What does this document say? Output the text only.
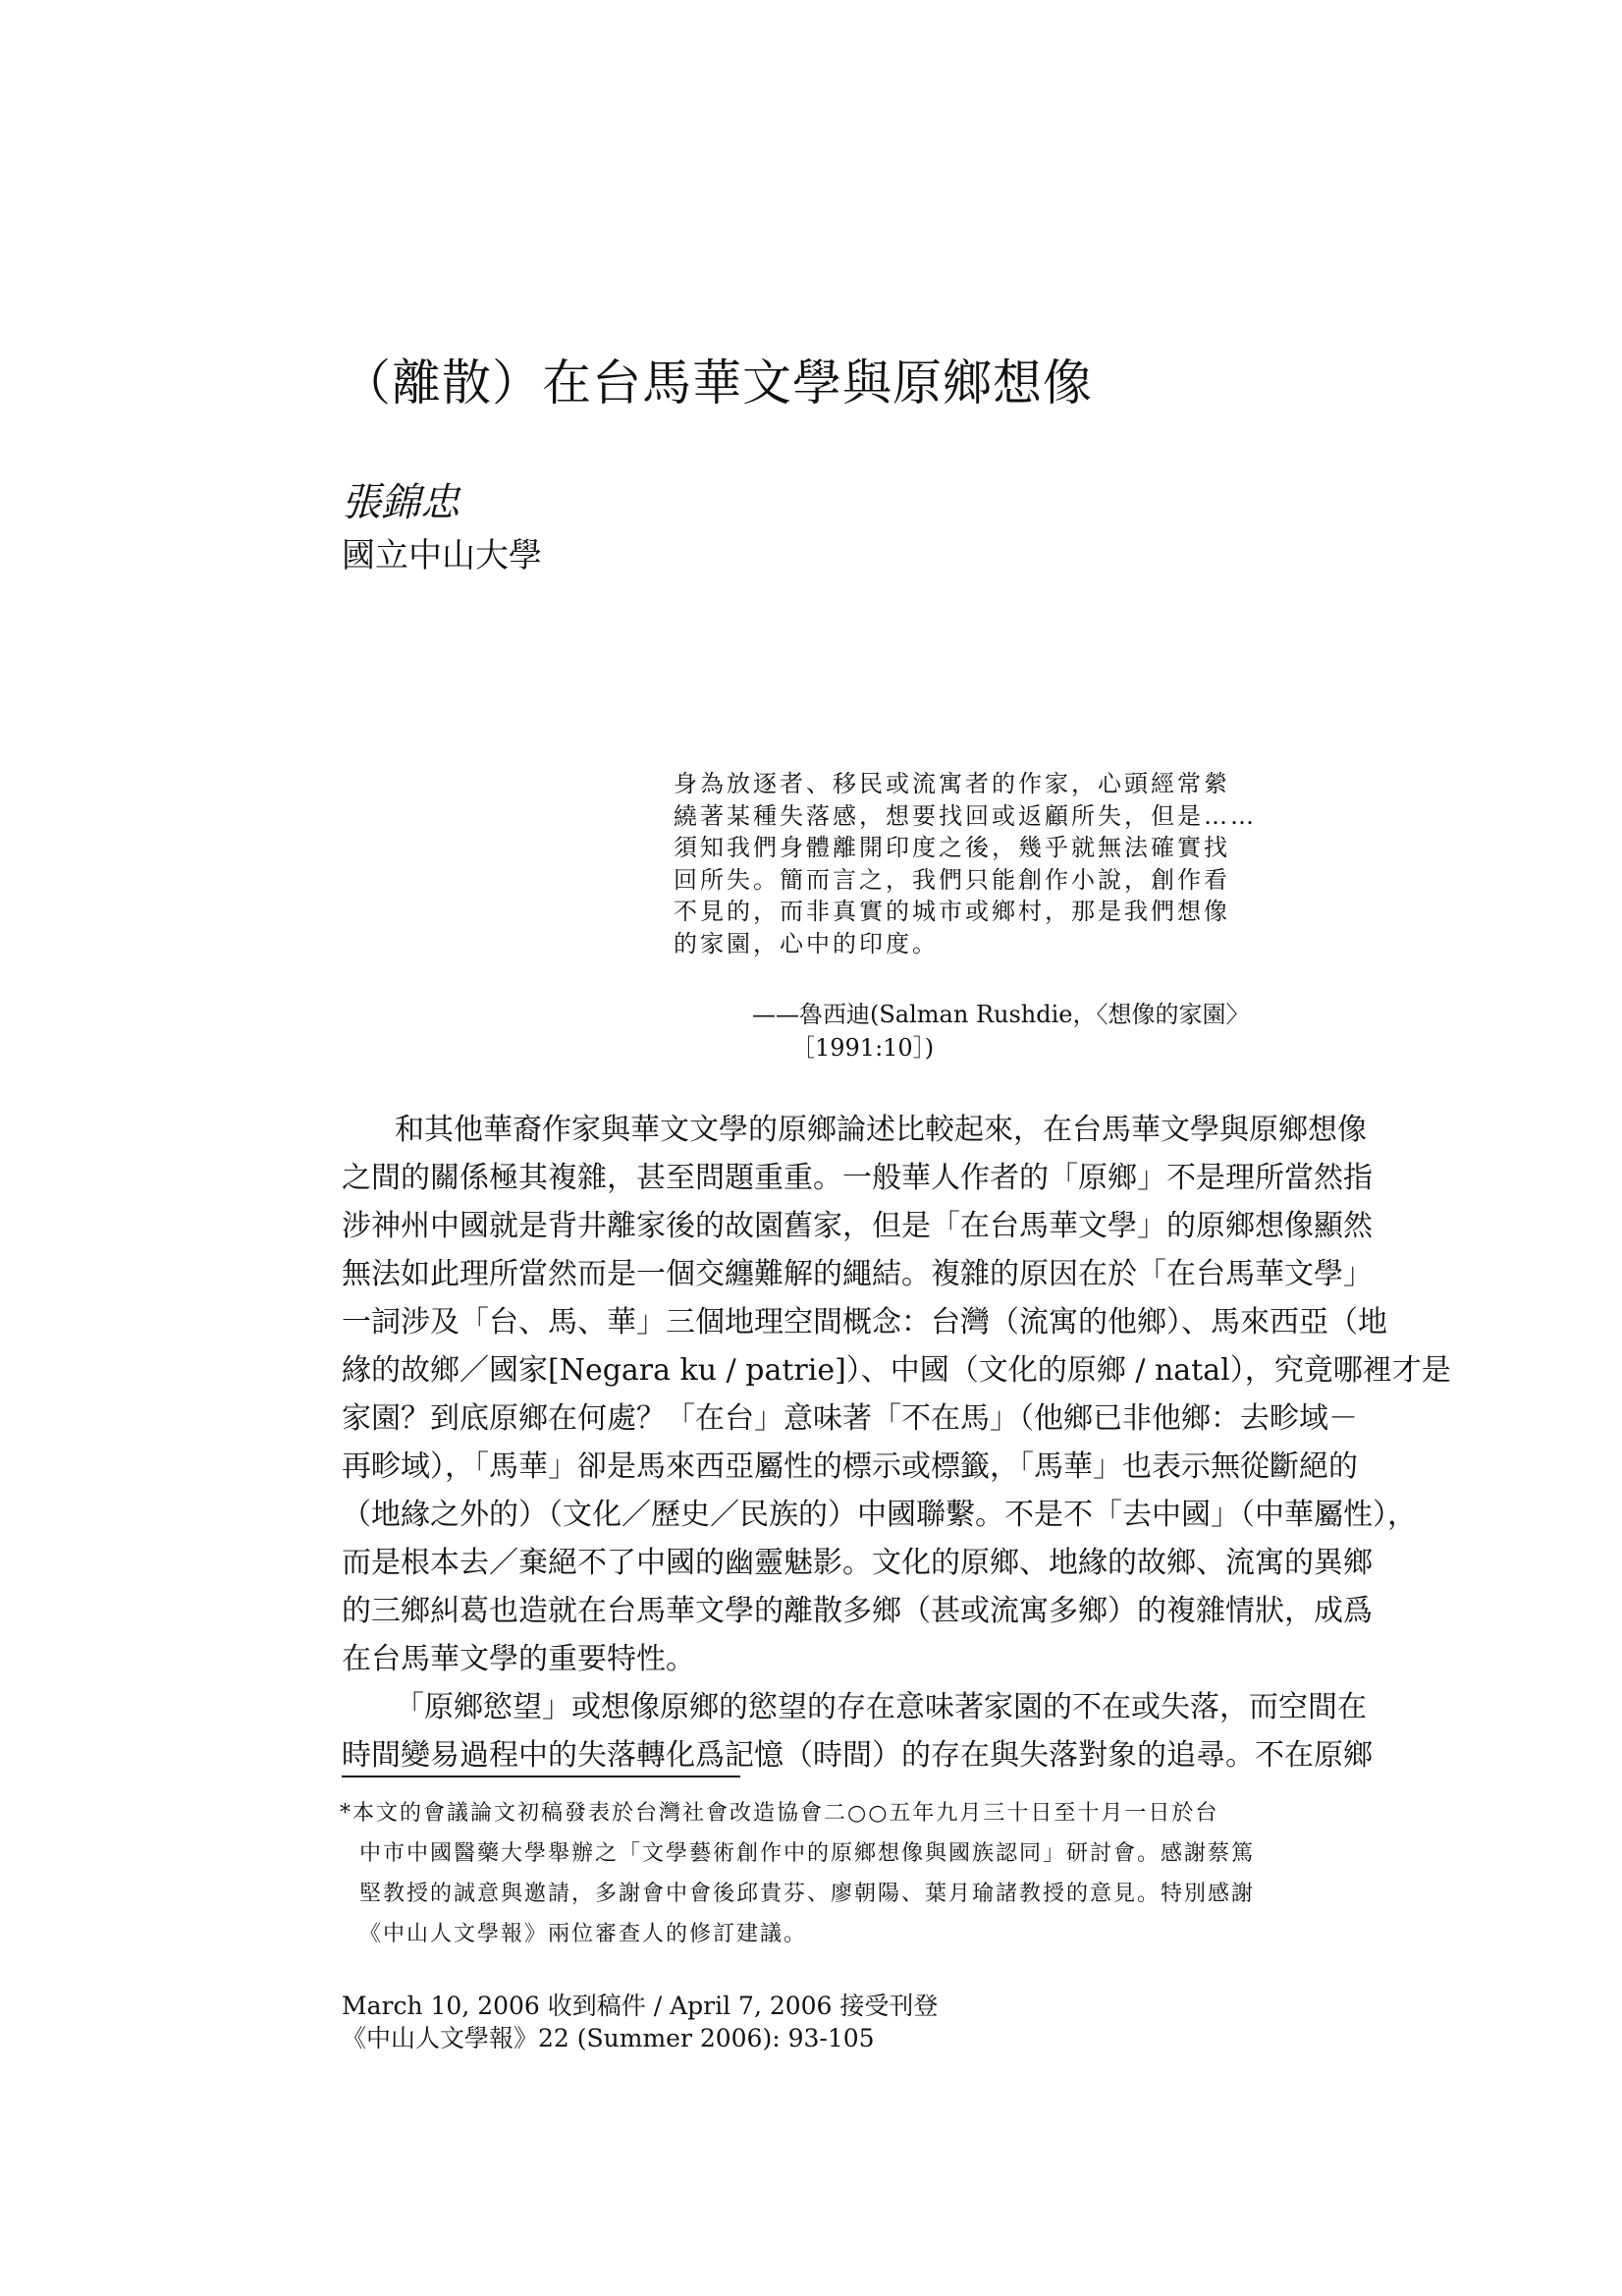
（離散）在台馬華文學與原鄉想像

張錦忠

國立中山大學

身為放逐者、移民或流寓者的作家，心頭經常縈
繞著某種失落感，想要找回或返顧所失，但是……
須知我們身體離開印度之後，幾乎就無法確實找
回所失。簡而言之，我們只能創作小說，創作看
不見的，而非真實的城市或鄉村，那是我們想像
的家園，心中的印度。
——魯西迪(Salman Rushdie，〈想像的家園〉
［1991:10］)
和其他華裔作家與華文文學的原鄉論述比較起來，在台馬華文學與原鄉想像
之間的關係極其複雜，甚至問題重重。一般華人作者的「原鄉」不是理所當然指
涉神州中國就是背井離家後的故園舊家，但是「在台馬華文學」的原鄉想像顯然
無法如此理所當然而是一個交纏難解的繩結。複雜的原因在於「在台馬華文學」
一詞涉及「台、馬、華」三個地理空間概念：台灣（流寓的他鄉）、馬來西亞（地
緣的故鄉／國家[Negara ku / patrie]）、中國（文化的原鄉 / natal），究竟哪裡才是
家園？到底原鄉在何處？「在台」意味著「不在馬」（他鄉已非他鄉：去畛域－
再畛域），「馬華」卻是馬來西亞屬性的標示或標籤，「馬華」也表示無從斷絕的
（地緣之外的）（文化／歷史／民族的）中國聯繫。不是不「去中國」（中華屬性），
而是根本去／棄絕不了中國的幽靈魅影。文化的原鄉、地緣的故鄉、流寓的異鄉
的三鄉糾葛也造就在台馬華文學的離散多鄉（甚或流寓多鄉）的複雜情狀，成爲
在台馬華文學的重要特性。
「原鄉慾望」或想像原鄉的慾望的存在意味著家園的不在或失落，而空間在
時間變易過程中的失落轉化爲記憶（時間）的存在與失落對象的追尋。不在原鄉
*本文的會議論文初稿發表於台灣社會改造協會二○○五年九月三十日至十月一日於台
中市中國醫藥大學舉辦之「文學藝術創作中的原鄉想像與國族認同」研討會。感謝蔡篤
堅教授的誠意與邀請，多謝會中會後邱貴芬、廖朝陽、葉月瑜諸教授的意見。特別感謝
《中山人文學報》兩位審查人的修訂建議。
March 10, 2006 收到稿件 / April 7, 2006 接受刊登
《中山人文學報》22 (Summer 2006): 93-105
